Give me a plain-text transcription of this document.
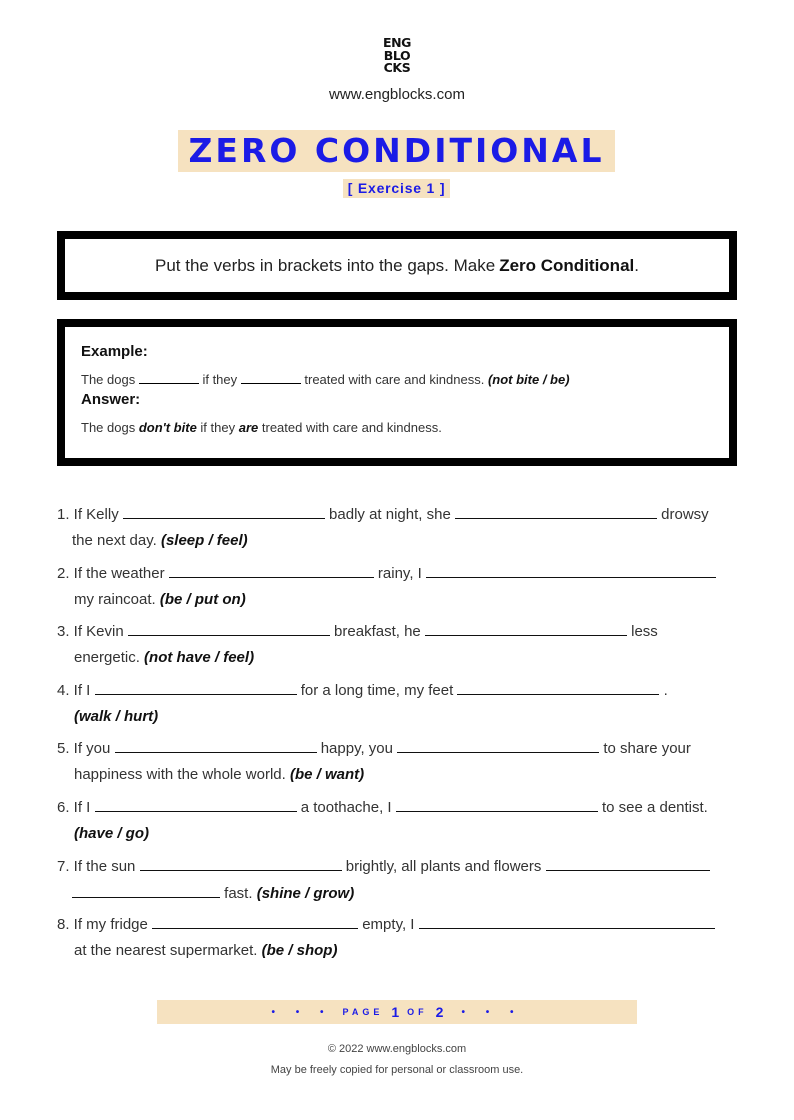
ENG
BLO
CKS
www.engblocks.com
ZERO CONDITIONAL
[ Exercise 1 ]
Put the verbs in brackets into the gaps. Make Zero Conditional .
Example:
The dogs	if they	treated with care and kindness. (not bite / be)
Answer:
The dogs don't bite if they are treated with care and kindness.
1. If Kelly	badly at night, she	drowsy
the next day. (sleep / feel)
2. If the weather	rainy, I
my raincoat. (be / put on)
3. If Kevin	breakfast, he	less
energetic. (not have / feel)
4. If I	for a long time, my feet	.
(walk / hurt)
5. If you	happy, you	to share your
happiness with the whole world. (be / want)
6. If I	a toothache, I	to see a dentist.
(have / go)
7. If the sun	brightly, all plants and flowers
fast. (shine / grow)
8. If my fridge	empty, I
at the nearest supermarket. (be / shop)
• • • PAGE 1 OF 2 • • •
© 2022 www.engblocks.com
May be freely copied for personal or classroom use.
